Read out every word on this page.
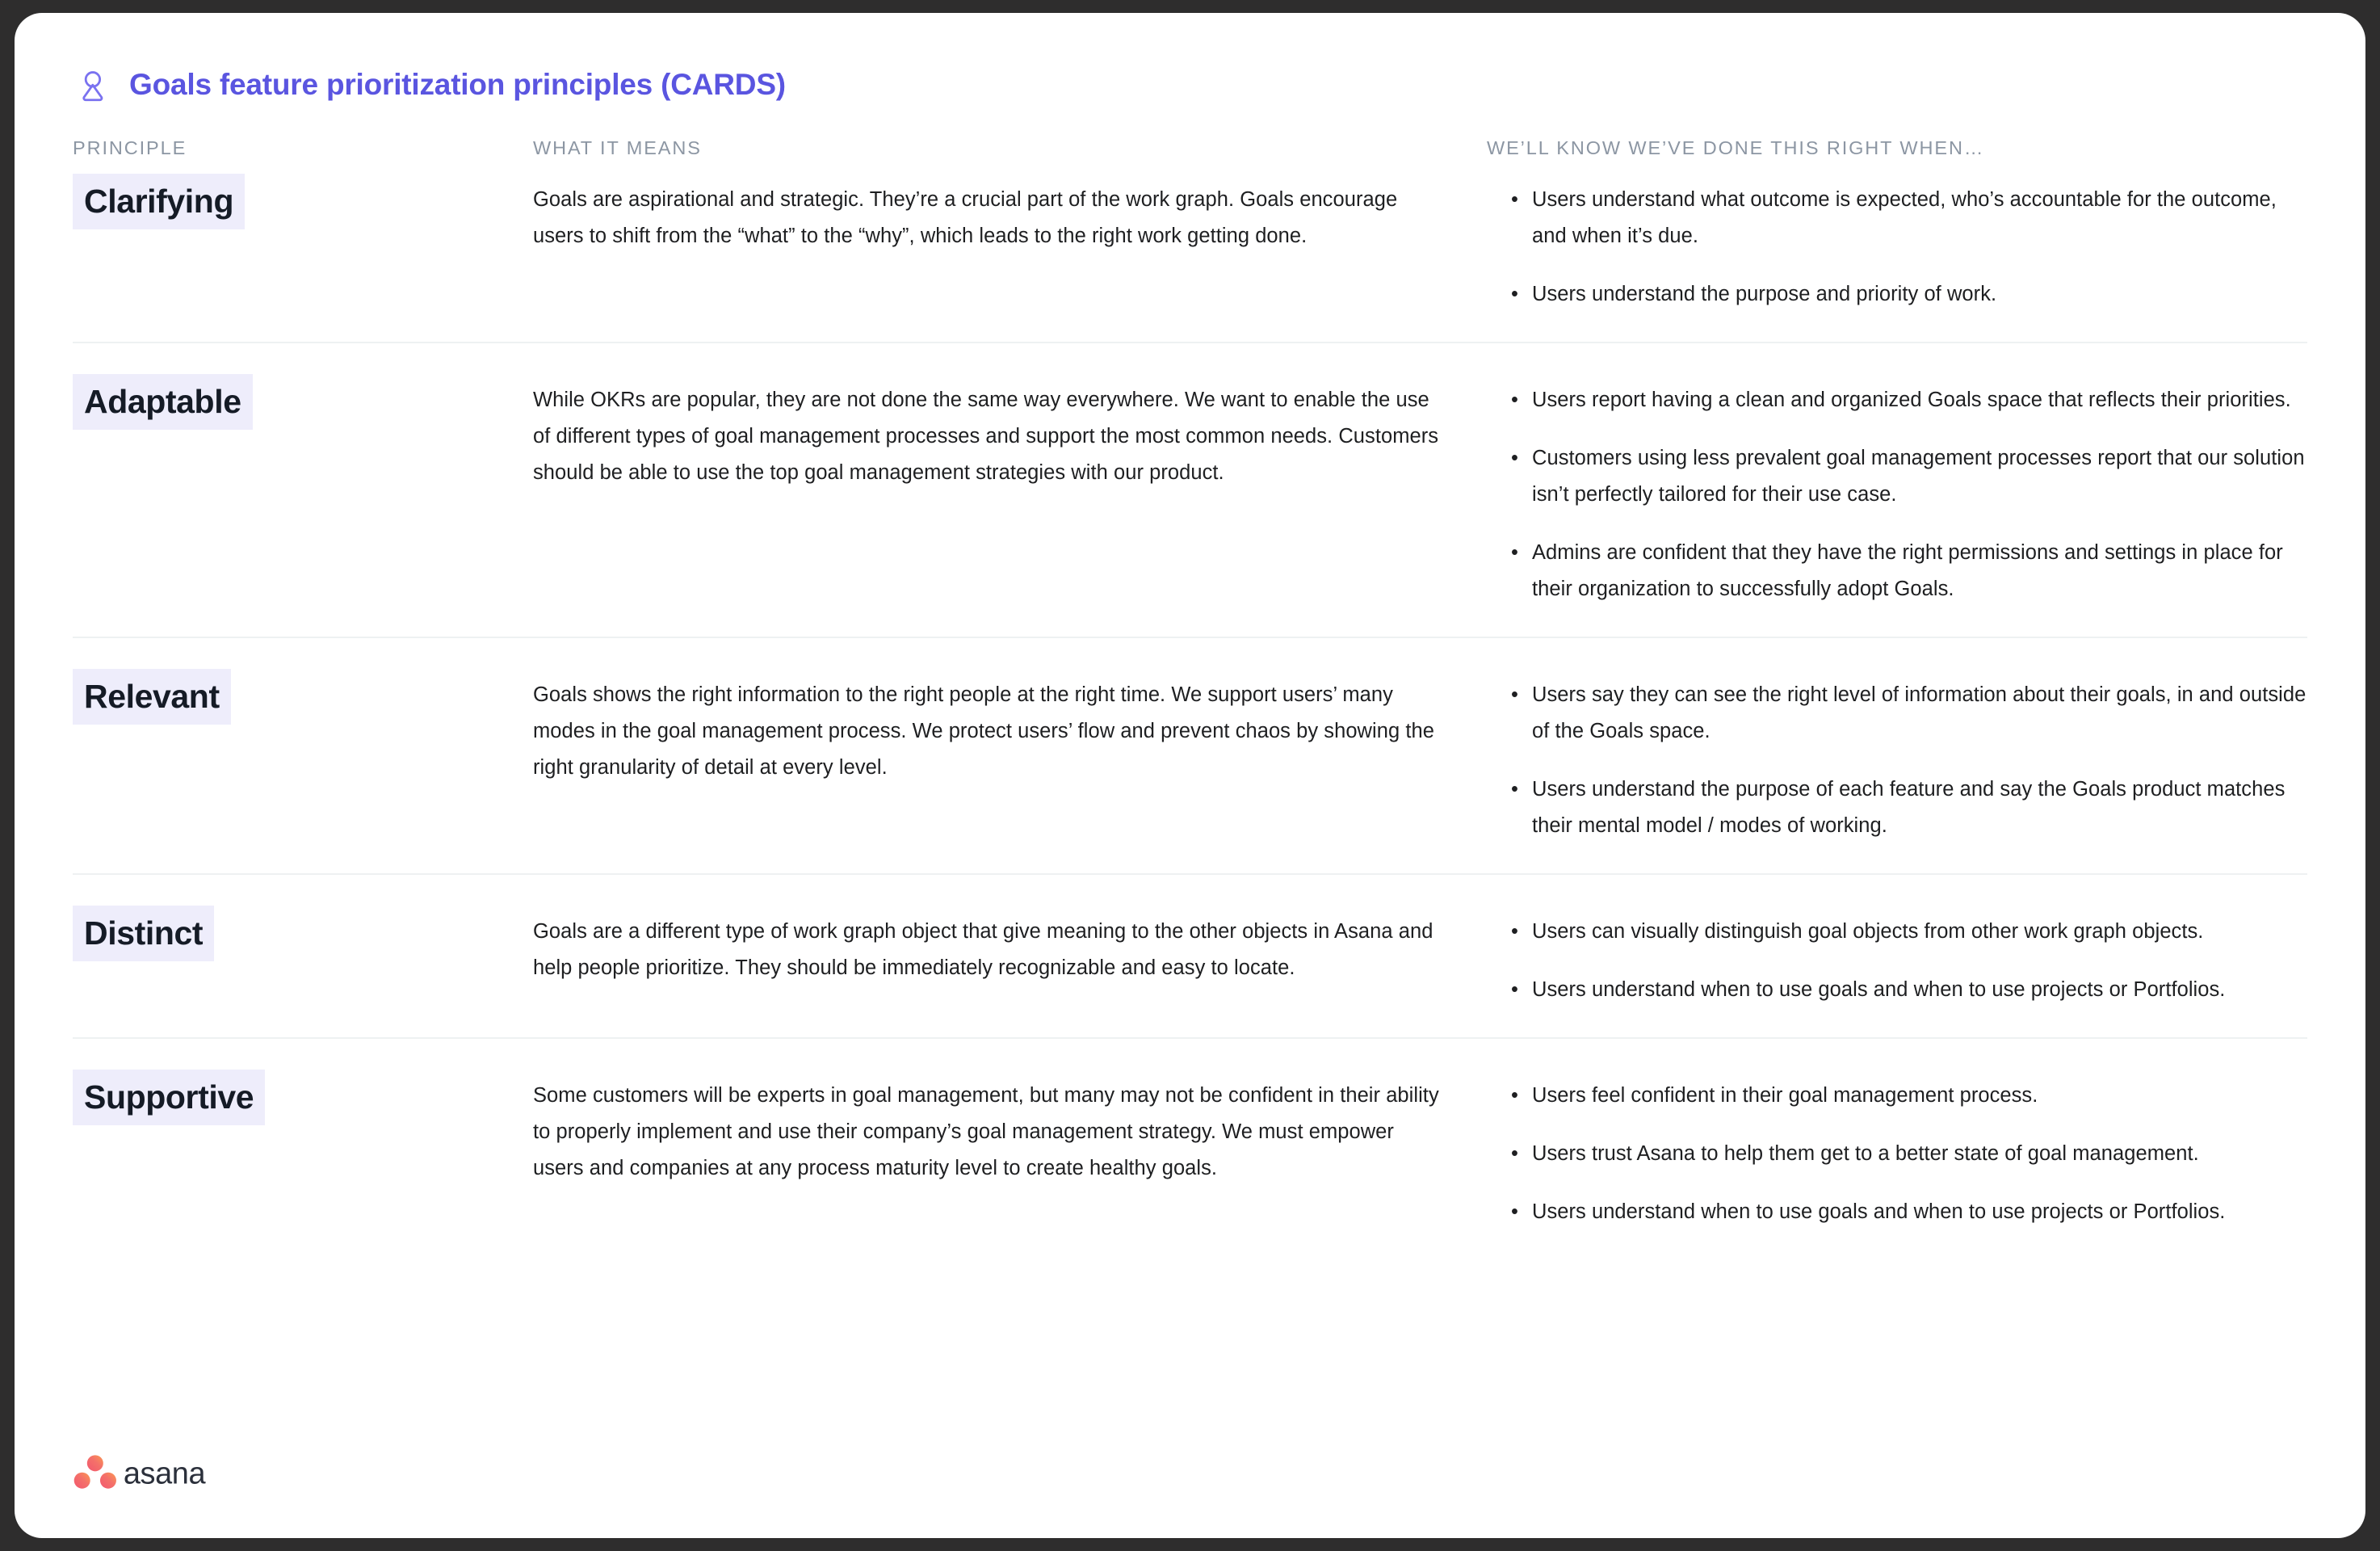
Goals feature prioritization principles (CARDS)
PRINCIPLE	WHAT IT MEANS	WE’LL KNOW WE’VE DONE THIS RIGHT WHEN…
Clarifying	Goals are aspirational and strategic. They’re a crucial part of the work graph. Goals encourage users to shift from the “what” to the “why”, which leads to the right work getting done.

• Users understand what outcome is expected, who’s accountable for the outcome, and when it’s due.
• Users understand the purpose and priority of work.
Adaptable	While OKRs are popular, they are not done the same way everywhere. We want to enable the use of different types of goal management processes and support the most common needs. Customers should be able to use the top goal management strategies with our product.

• Users report having a clean and organized Goals space that reflects their priorities.
• Customers using less prevalent goal management processes report that our solution isn’t perfectly tailored for their use case.
• Admins are confident that they have the right permissions and settings in place for their organization to successfully adopt Goals.
Relevant	Goals shows the right information to the right people at the right time. We support users’ many modes in the goal management process. We protect users’ flow and prevent chaos by showing the right granularity of detail at every level.

• Users say they can see the right level of information about their goals, in and outside of the Goals space.
• Users understand the purpose of each feature and say the Goals product matches their mental model / modes of working.
Distinct	Goals are a different type of work graph object that give meaning to the other objects in Asana and help people prioritize. They should be immediately recognizable and easy to locate.

• Users can visually distinguish goal objects from other work graph objects.
• Users understand when to use goals and when to use projects or Portfolios.
Supportive	Some customers will be experts in goal management, but many may not be confident in their ability to properly implement and use their company’s goal management strategy. We must empower users and companies at any process maturity level to create healthy goals.

• Users feel confident in their goal management process.
• Users trust Asana to help them get to a better state of goal management.
• Users understand when to use goals and when to use projects or Portfolios.
asana
